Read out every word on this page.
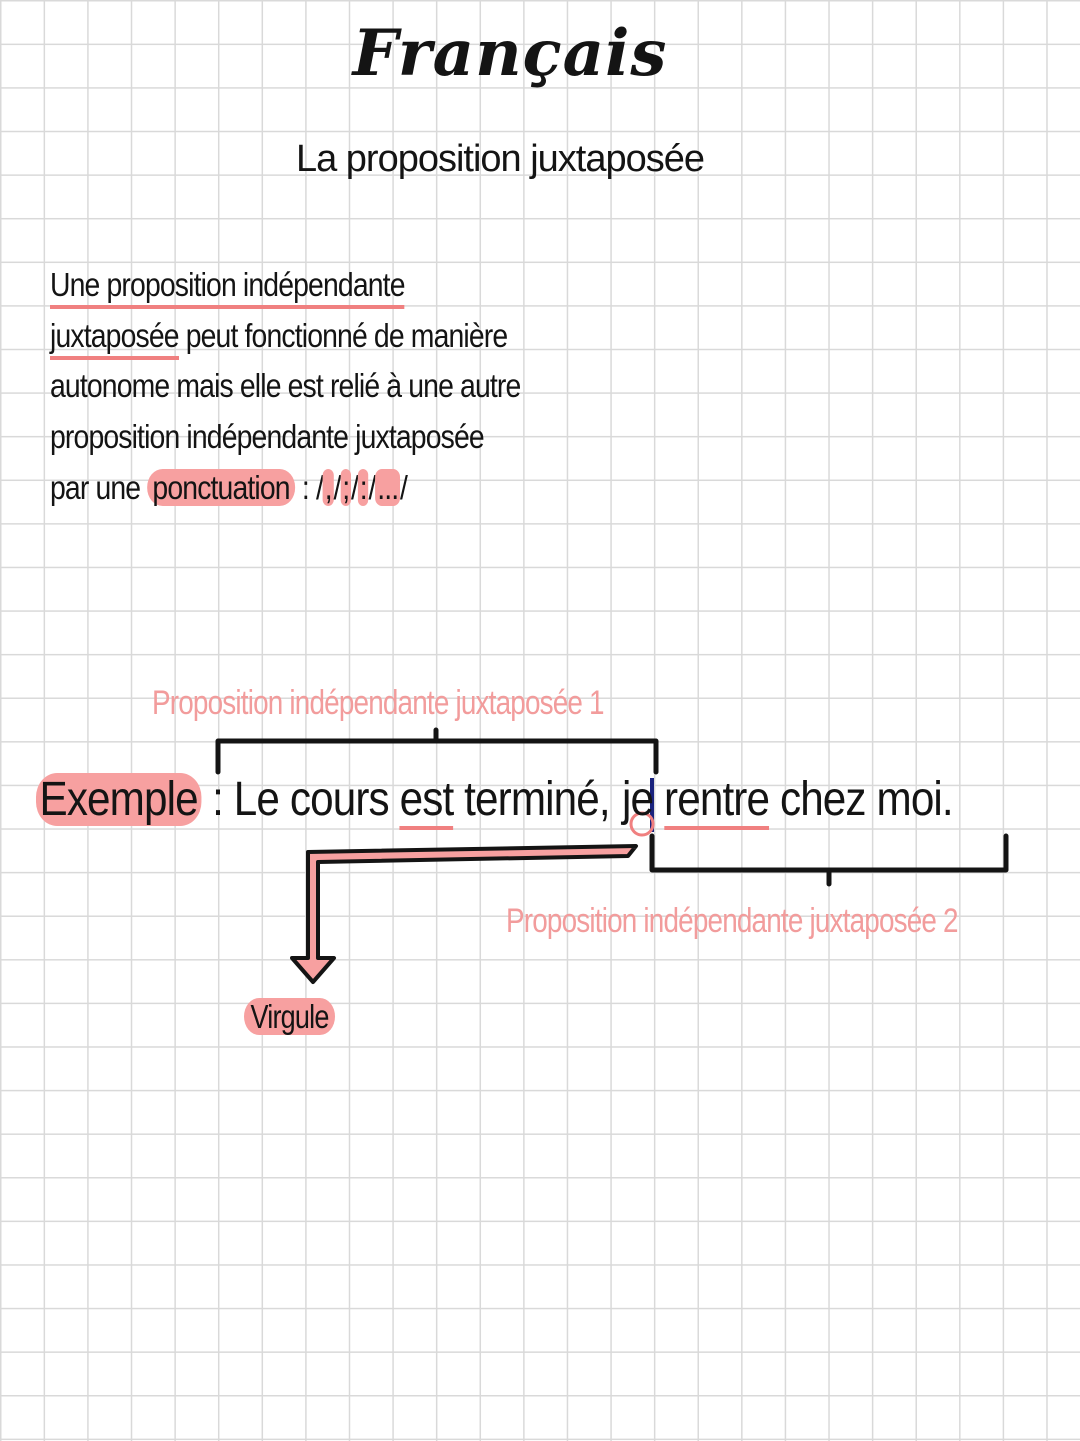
Français
La proposition juxtaposée
Une proposition indépendante
juxtaposée peut fonctionné de manière
autonome mais elle est relié à une autre
proposition indépendante juxtaposée
par une ponctuation : /,/;/:/.../
Proposition indépendante juxtaposée 1
Proposition indépendante juxtaposée 2
Exemple : Le cours est terminé, je rentre chez moi.
Virgule
